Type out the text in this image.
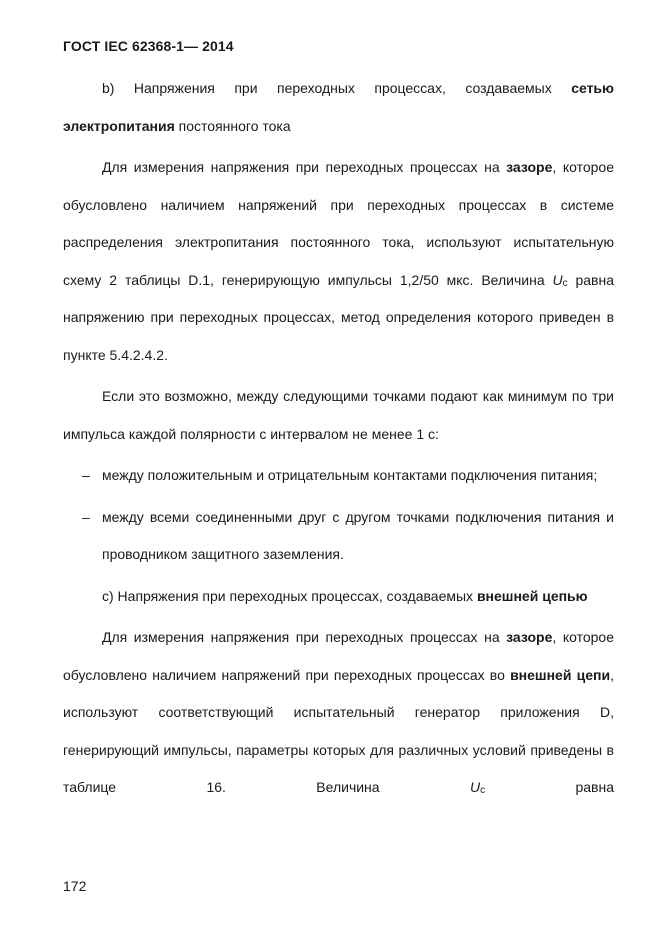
ГОСТ IEC 62368-1— 2014

b) Напряжения при переходных процессах, создаваемых сетью электропитания постоянного тока

Для измерения напряжения при переходных процессах на зазоре, которое обусловлено наличием напряжений при переходных процессах в системе распределения электропитания постоянного тока, используют испытательную схему 2 таблицы D.1, генерирующую импульсы 1,2/50 мкс. Величина $U_с$ равна напряжению при переходных процессах, метод определения которого приведен в пункте 5.4.2.4.2.

Если это возможно, между следующими точками подают как минимум по три импульса каждой полярности с интервалом не менее 1 с:

– между положительным и отрицательным контактами подключения питания;
– между всеми соединенными друг с другом точками подключения питания и проводником защитного заземления.

c) Напряжения при переходных процессах, создаваемых внешней цепью

Для измерения напряжения при переходных процессах на зазоре, которое обусловлено наличием напряжений при переходных процессах во внешней цепи, используют соответствующий испытательный генератор приложения D, генерирующий импульсы, параметры которых для различных условий приведены в таблице 16. Величина $U_с$ равна

172
